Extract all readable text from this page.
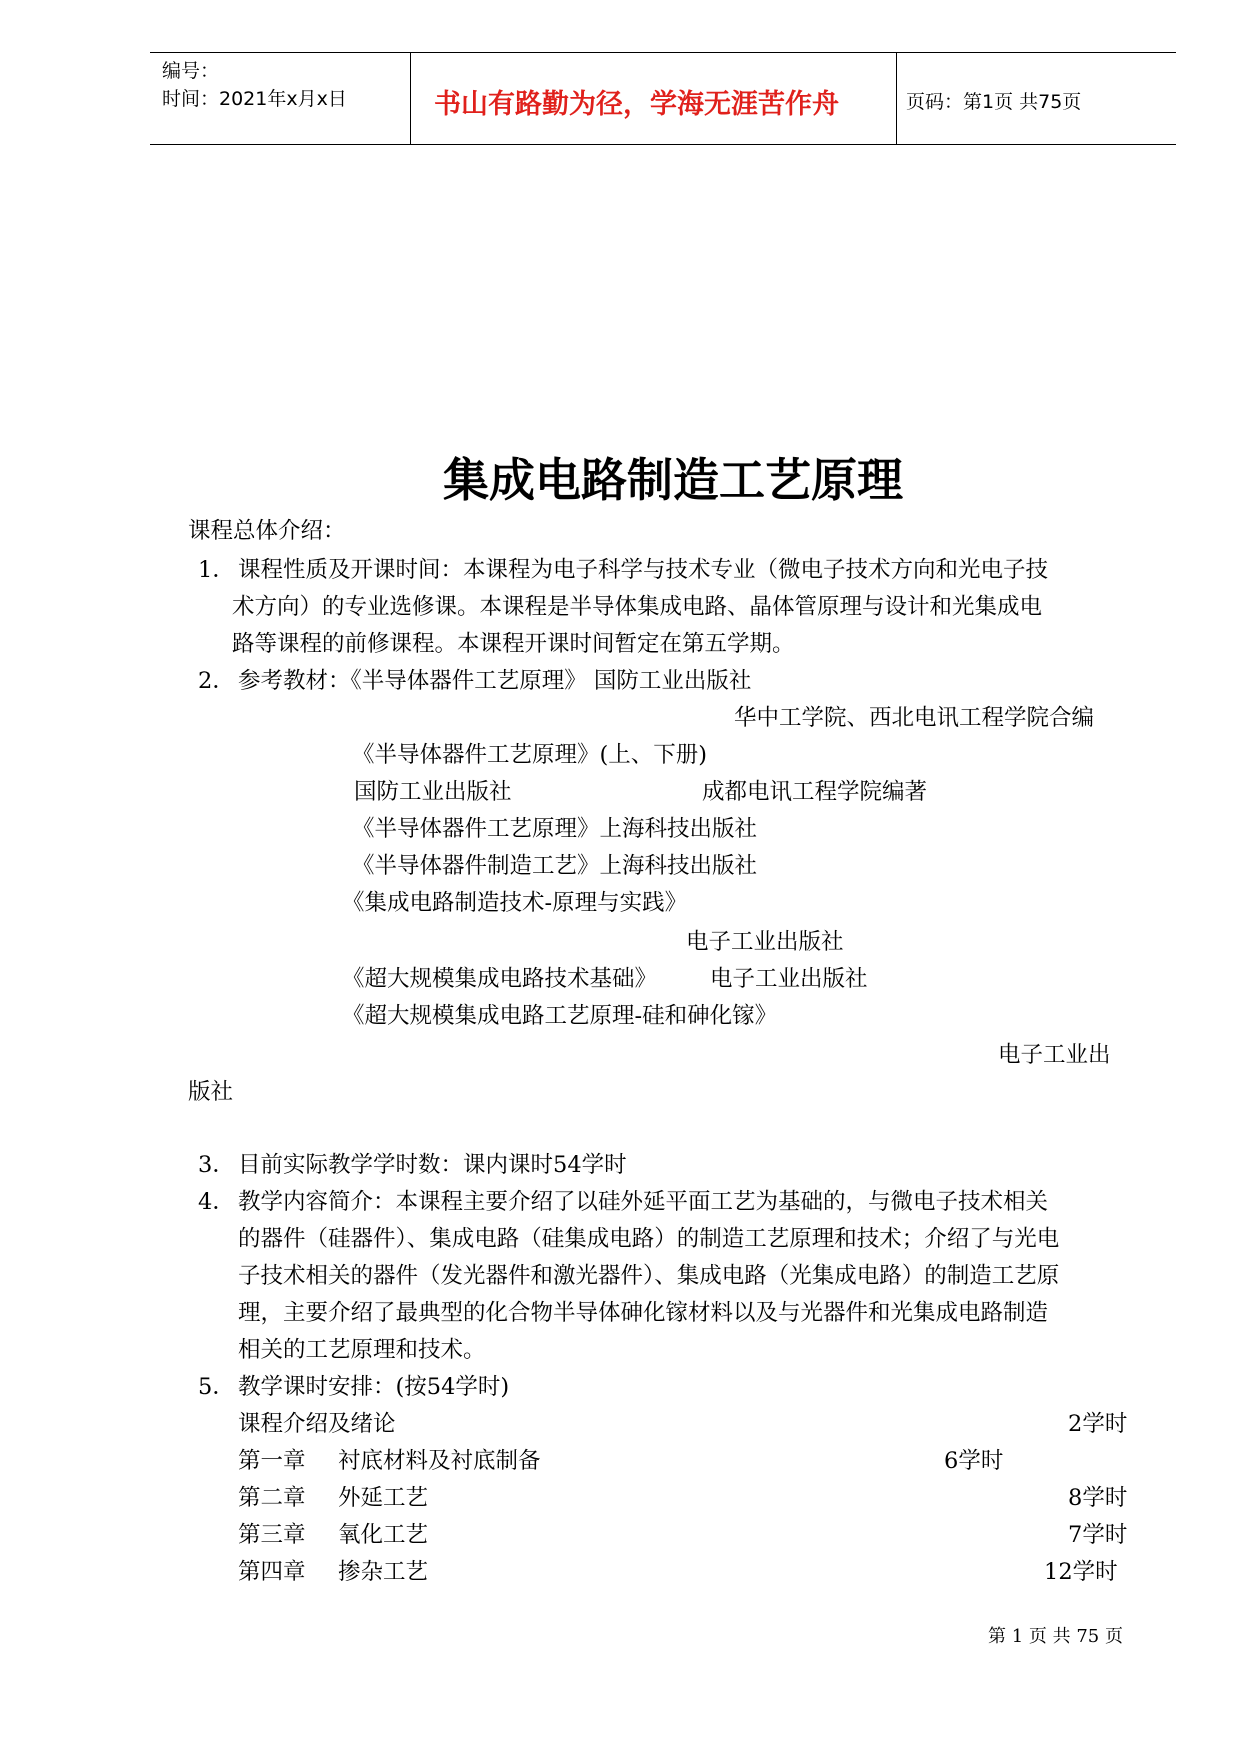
编号：
时间：2021年x月x日	书山有路勤为径，学海无涯苦作舟	页码：第1页 共75页
集成电路制造工艺原理
课程总体介绍：
1． 课程性质及开课时间：本课程为电子科学与技术专业（微电子技术方向和光电子技
术方向）的专业选修课。本课程是半导体集成电路、晶体管原理与设计和光集成电
路等课程的前修课程。本课程开课时间暂定在第五学期。
2． 参考教材：《半导体器件工艺原理》 国防工业出版社
华中工学院、西北电讯工程学院合编
《半导体器件工艺原理》(上、下册)
国防工业出版社	成都电讯工程学院编著
《半导体器件工艺原理》上海科技出版社
《半导体器件制造工艺》上海科技出版社
《集成电路制造技术-原理与实践》
电子工业出版社
《超大规模集成电路技术基础》 电子工业出版社
《超大规模集成电路工艺原理-硅和砷化镓》
电子工业出
版社
3． 目前实际教学学时数：课内课时54学时
4． 教学内容简介：本课程主要介绍了以硅外延平面工艺为基础的，与微电子技术相关
的器件（硅器件）、集成电路（硅集成电路）的制造工艺原理和技术；介绍了与光电
子技术相关的器件（发光器件和激光器件）、集成电路（光集成电路）的制造工艺原
理，主要介绍了最典型的化合物半导体砷化镓材料以及与光器件和光集成电路制造
相关的工艺原理和技术。
5． 教学课时安排：(按54学时)
课程介绍及绪论	2学时
第一章 衬底材料及衬底制备	6学时
第二章 外延工艺	8学时
第三章 氧化工艺	7学时
第四章 掺杂工艺	12学时
第 1 页 共 75 页
